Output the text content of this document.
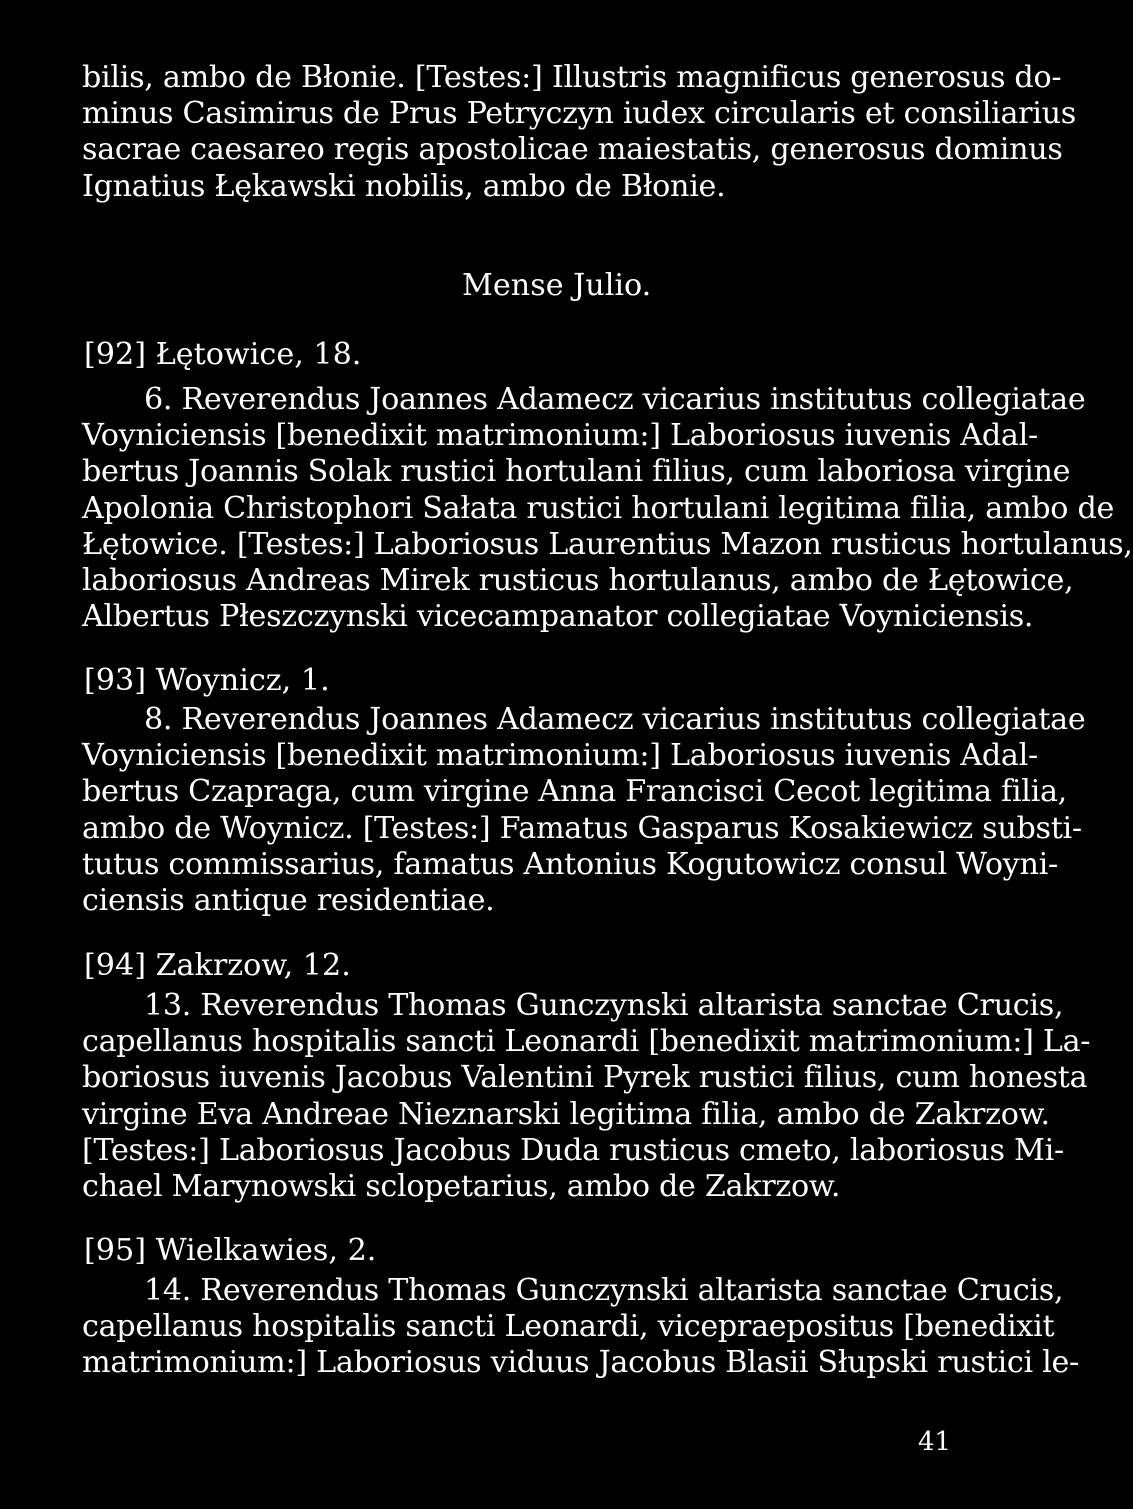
bilis, ambo de Błonie. [Testes:] Illustris magnificus generosus do-
minus Casimirus de Prus Petryczyn iudex circularis et consiliarius
sacrae caesareo regis apostolicae maiestatis, generosus dominus
Ignatius Łękawski nobilis, ambo de Błonie.
Mense Julio.
[92] Łętowice, 18.
6. Reverendus Joannes Adamecz vicarius institutus collegiatae
Voyniciensis [benedixit matrimonium:] Laboriosus iuvenis Adal-
bertus Joannis Solak rustici hortulani filius, cum laboriosa virgine
Apolonia Christophori Sałata rustici hortulani legitima filia, ambo de
Łętowice. [Testes:] Laboriosus Laurentius Mazon rusticus hortulanus,
laboriosus Andreas Mirek rusticus hortulanus, ambo de Łętowice,
Albertus Płeszczynski vicecampanator collegiatae Voyniciensis.
[93] Woynicz, 1.
8. Reverendus Joannes Adamecz vicarius institutus collegiatae
Voyniciensis [benedixit matrimonium:] Laboriosus iuvenis Adal-
bertus Czapraga, cum virgine Anna Francisci Cecot legitima filia,
ambo de Woynicz. [Testes:] Famatus Gasparus Kosakiewicz substi-
tutus commissarius, famatus Antonius Kogutowicz consul Woyni-
ciensis antique residentiae.
[94] Zakrzow, 12.
13. Reverendus Thomas Gunczynski altarista sanctae Crucis,
capellanus hospitalis sancti Leonardi [benedixit matrimonium:] La-
boriosus iuvenis Jacobus Valentini Pyrek rustici filius, cum honesta
virgine Eva Andreae Nieznarski legitima filia, ambo de Zakrzow.
[Testes:] Laboriosus Jacobus Duda rusticus cmeto, laboriosus Mi-
chael Marynowski sclopetarius, ambo de Zakrzow.
[95] Wielkawies, 2.
14. Reverendus Thomas Gunczynski altarista sanctae Crucis,
capellanus hospitalis sancti Leonardi, vicepraepositus [benedixit
matrimonium:] Laboriosus viduus Jacobus Blasii Słupski rustici le-
41
